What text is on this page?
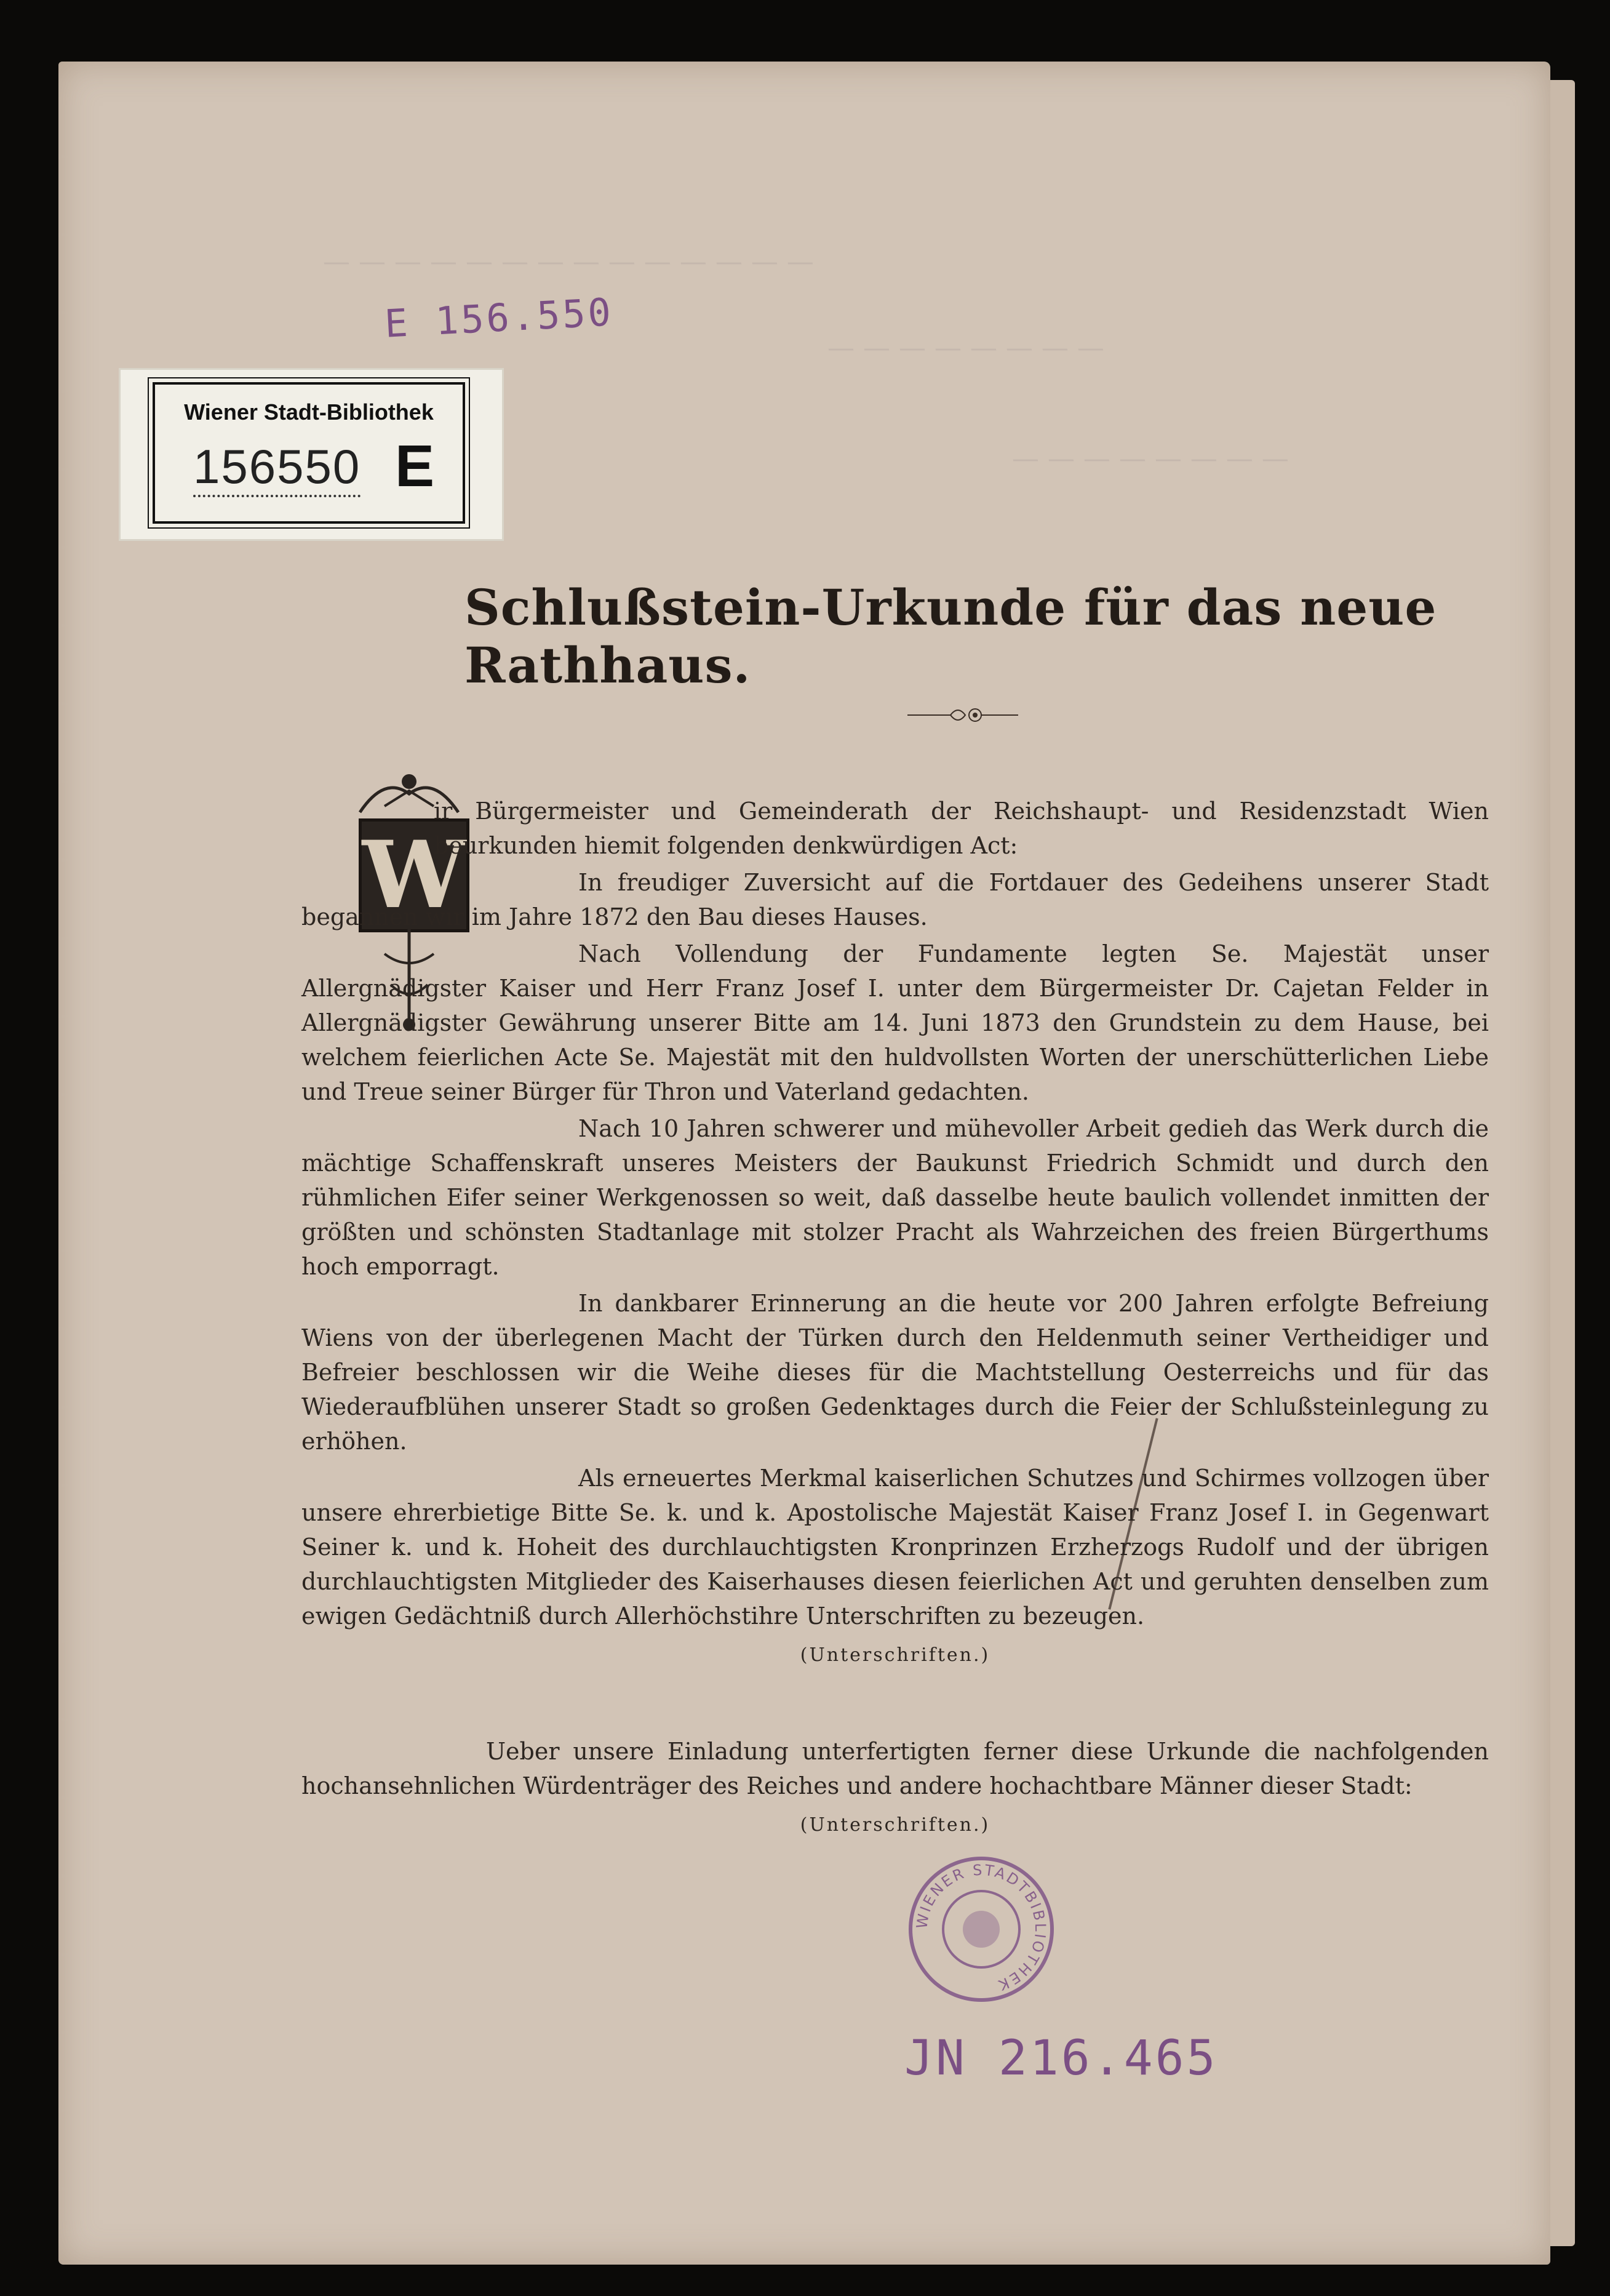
— — — — — — — — — — — — — —
— — — — — — — —
— — — — — — — —
E 156.550
Wiener Stadt-Bibliothek
156550 E
Schlußstein-Urkunde für das neue Rathhaus.
W
WIENER STADTBIBLIOTHEK
JN 216.465

ir Bürgermeister und Gemeinderath der Reichshaupt- und Residenzstadt Wien beurkunden hiemit folgenden denkwürdigen Act:

In freudiger Zuversicht auf die Fortdauer des Gedeihens unserer Stadt begannen wir im Jahre 1872 den Bau dieses Hauses.

Nach Vollendung der Fundamente legten Se. Majestät unser Allergnädigster Kaiser und Herr Franz Josef I. unter dem Bürgermeister Dr. Cajetan Felder in Allergnädigster Gewährung unserer Bitte am 14. Juni 1873 den Grundstein zu dem Hause, bei welchem feierlichen Acte Se. Majestät mit den huldvollsten Worten der unerschütterlichen Liebe und Treue seiner Bürger für Thron und Vaterland gedachten.

Nach 10 Jahren schwerer und mühevoller Arbeit gedieh das Werk durch die mächtige Schaffenskraft unseres Meisters der Baukunst Friedrich Schmidt und durch den rühmlichen Eifer seiner Werkgenossen so weit, daß dasselbe heute baulich vollendet inmitten der größten und schönsten Stadtanlage mit stolzer Pracht als Wahrzeichen des freien Bürgerthums hoch emporragt.

In dankbarer Erinnerung an die heute vor 200 Jahren erfolgte Befreiung Wiens von der überlegenen Macht der Türken durch den Heldenmuth seiner Vertheidiger und Befreier beschlossen wir die Weihe dieses für die Machtstellung Oesterreichs und für das Wiederaufblühen unserer Stadt so großen Gedenktages durch die Feier der Schlußsteinlegung zu erhöhen.

Als erneuertes Merkmal kaiserlichen Schutzes und Schirmes vollzogen über unsere ehrerbietige Bitte Se. k. und k. Apostolische Majestät Kaiser Franz Josef I. in Gegenwart Seiner k. und k. Hoheit des durchlauchtigsten Kronprinzen Erzherzogs Rudolf und der übrigen durchlauchtigsten Mitglieder des Kaiserhauses diesen feierlichen Act und geruhten denselben zum ewigen Gedächtniß durch Allerhöchstihre Unterschriften zu bezeugen.

(Unterschriften.)

Ueber unsere Einladung unterfertigten ferner diese Urkunde die nachfolgenden hochansehnlichen Würdenträger des Reiches und andere hochachtbare Männer dieser Stadt:

(Unterschriften.)
